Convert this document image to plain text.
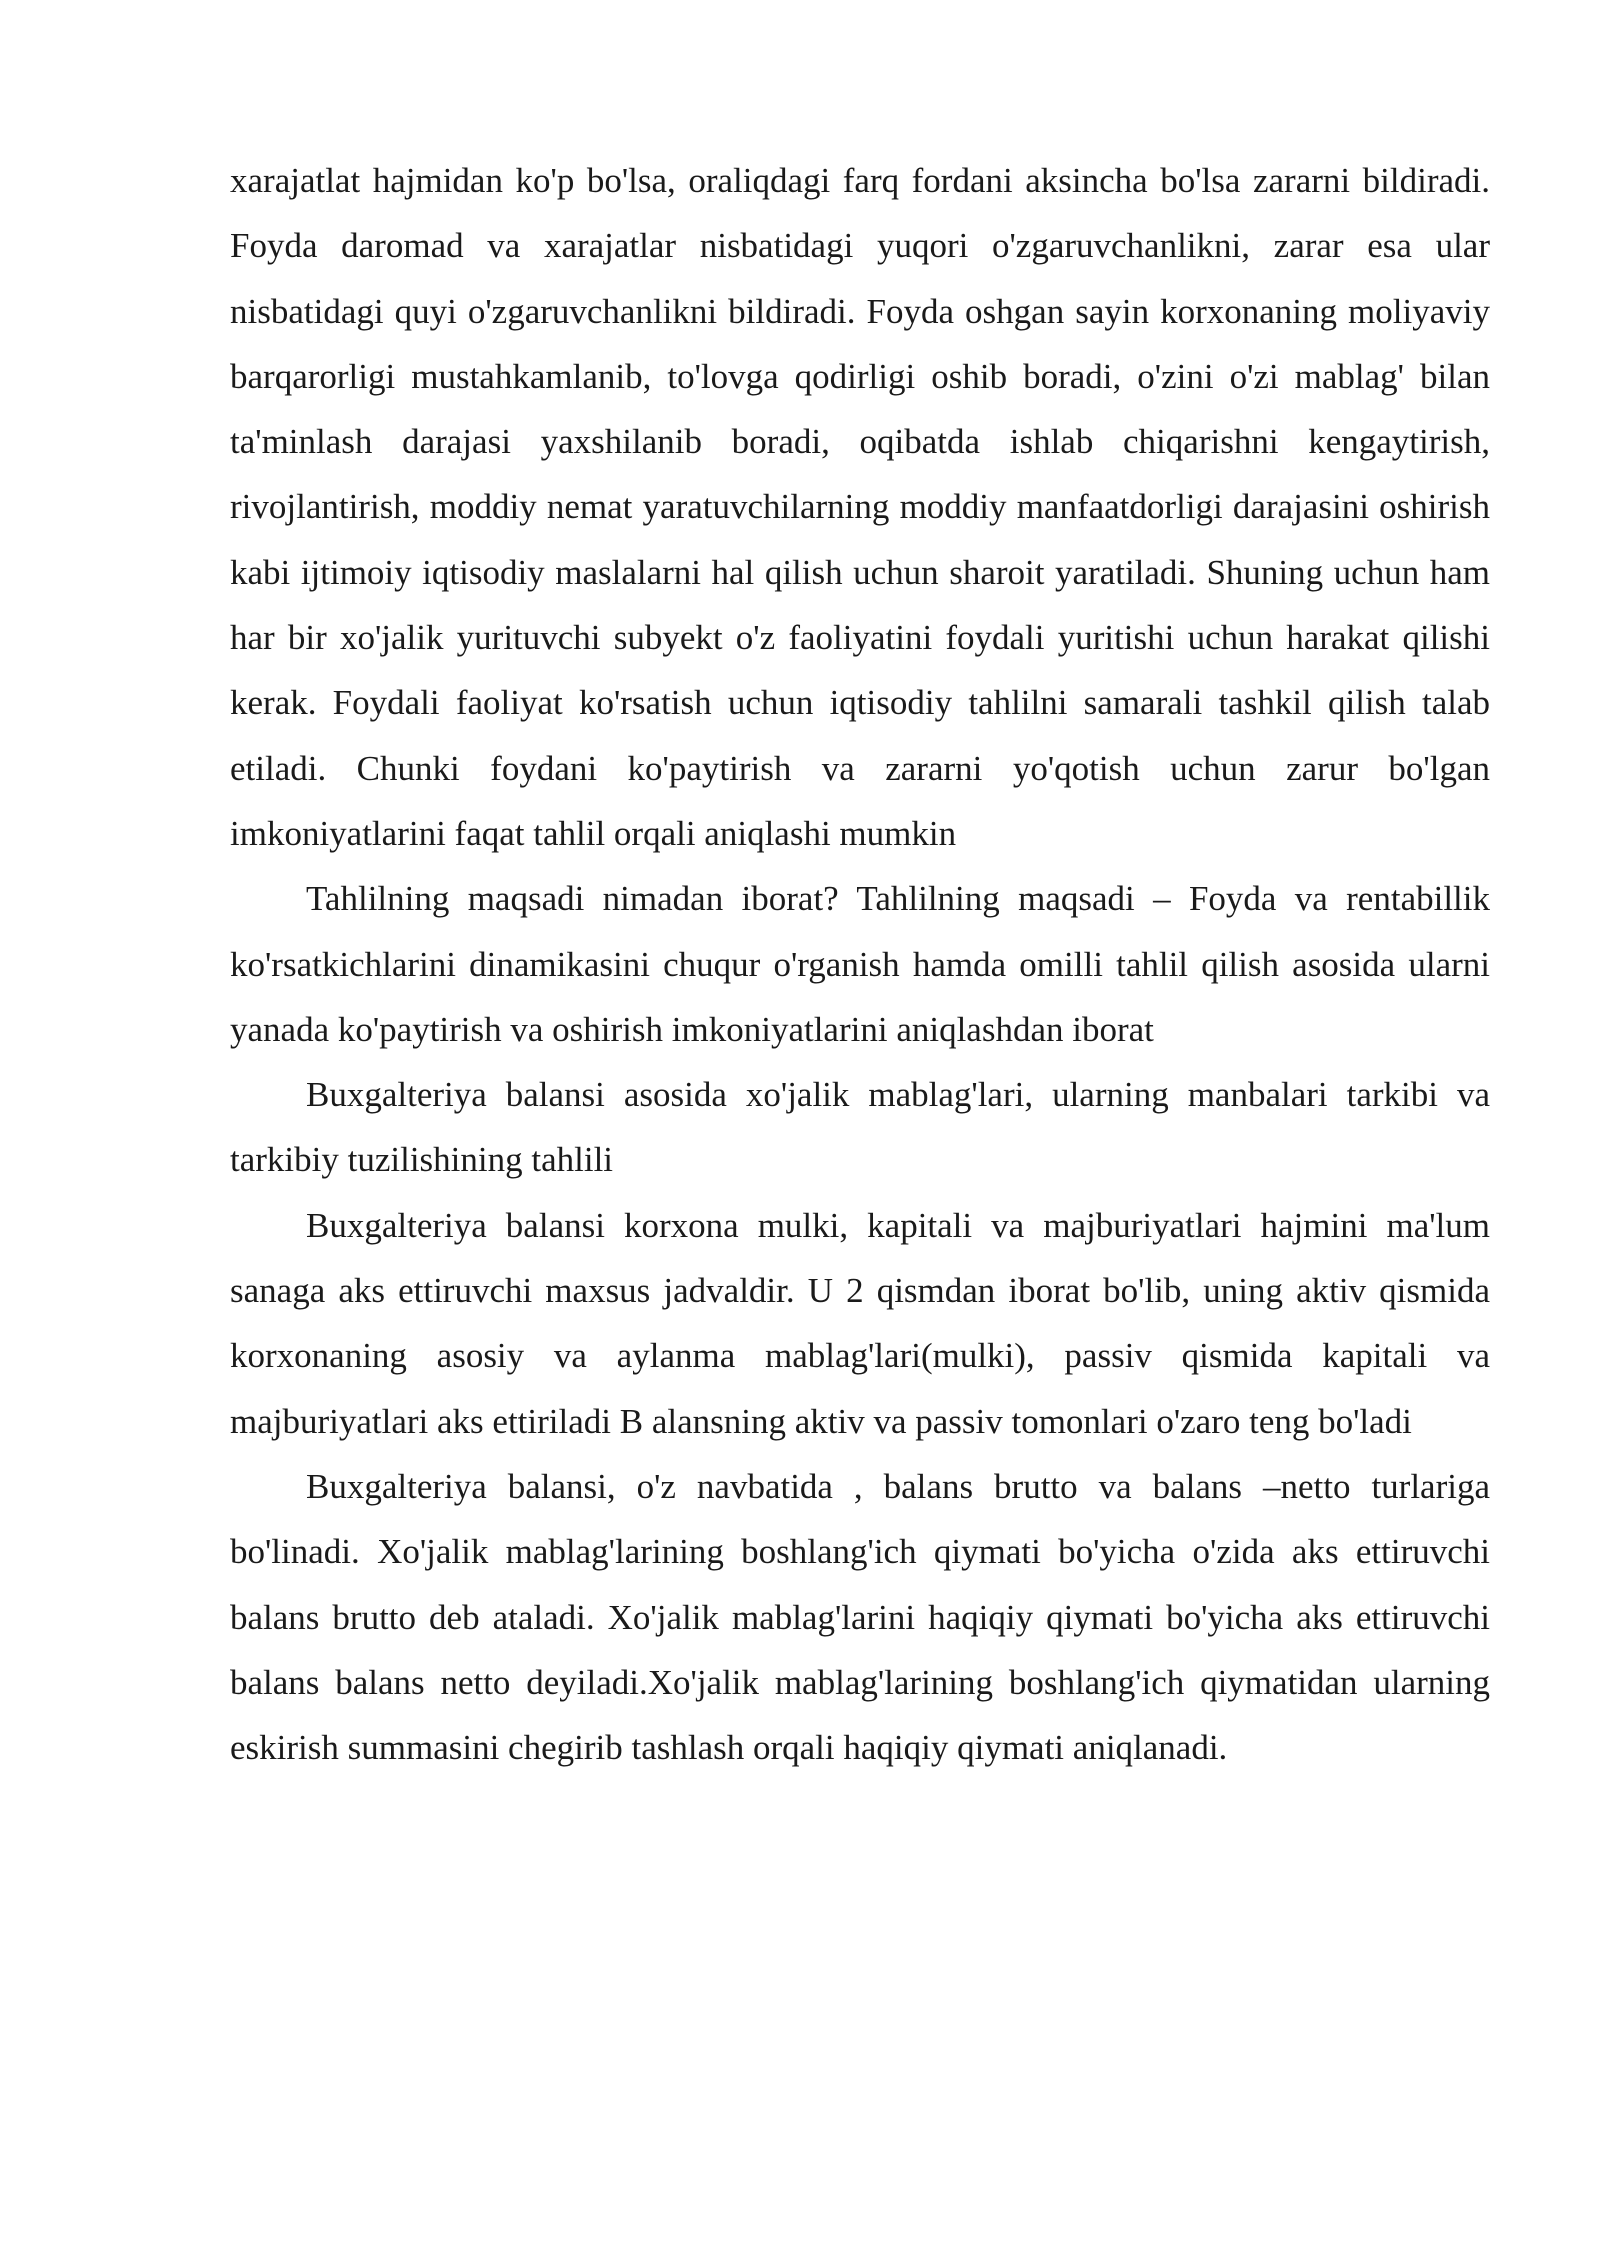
xarajatlat hajmidan ko'p bo'lsa, oraliqdagi farq fordani aksincha bo'lsa zararni bildiradi. Foyda daromad va xarajatlar nisbatidagi yuqori o'zgaruvchanlikni, zarar esa ular nisbatidagi quyi o'zgaruvchanlikni bildiradi. Foyda oshgan sayin korxonaning moliyaviy barqarorligi mustahkamlanib, to'lovga qodirligi oshib boradi, o'zini o'zi mablag' bilan ta'minlash darajasi yaxshilanib boradi, oqibatda ishlab chiqarishni kengaytirish, rivojlantirish, moddiy nemat yaratuvchilarning moddiy manfaatdorligi darajasini oshirish kabi ijtimoiy iqtisodiy maslalarni hal qilish uchun sharoit yaratiladi. Shuning uchun ham har bir xo'jalik yurituvchi subyekt o'z faoliyatini foydali yuritishi uchun harakat qilishi kerak. Foydali faoliyat ko'rsatish uchun iqtisodiy tahlilni samarali tashkil qilish talab etiladi. Chunki foydani ko'paytirish va zararni yo'qotish uchun zarur bo'lgan imkoniyatlarini faqat tahlil orqali aniqlashi mumkin

Tahlilning maqsadi nimadan iborat? Tahlilning maqsadi – Foyda va rentabillik ko'rsatkichlarini dinamikasini chuqur o'rganish hamda omilli tahlil qilish asosida ularni yanada ko'paytirish va oshirish imkoniyatlarini aniqlashdan iborat

Buxgalteriya balansi asosida xo'jalik mablag'lari, ularning manbalari tarkibi va tarkibiy tuzilishining tahlili

Buxgalteriya balansi korxona mulki, kapitali va majburiyatlari hajmini ma'lum sanaga aks ettiruvchi maxsus jadvaldir. U 2 qismdan iborat bo'lib, uning aktiv qismida korxonaning asosiy va aylanma mablag'lari(mulki), passiv qismida kapitali va majburiyatlari aks ettiriladi B alansning aktiv va passiv tomonlari o'zaro teng bo'ladi

Buxgalteriya balansi, o'z navbatida , balans brutto va balans –netto turlariga bo'linadi. Xo'jalik mablag'larining boshlang'ich qiymati bo'yicha o'zida aks ettiruvchi balans brutto deb ataladi. Xo'jalik mablag'larini haqiqiy qiymati bo'yicha aks ettiruvchi balans balans netto deyiladi.Xo'jalik mablag'larining boshlang'ich qiymatidan ularning eskirish summasini chegirib tashlash orqali haqiqiy qiymati aniqlanadi.
